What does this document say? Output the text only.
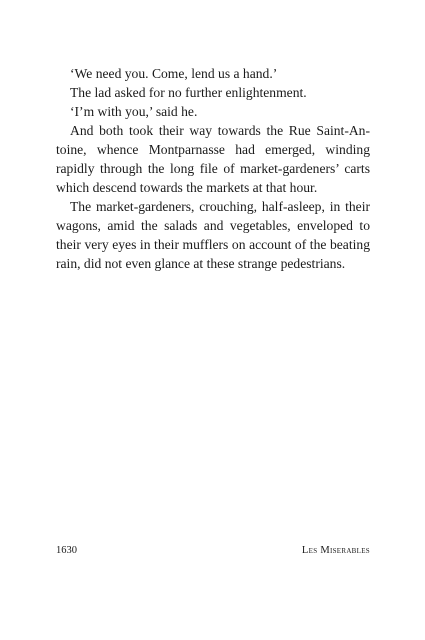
‘We need you. Come, lend us a hand.’

The lad asked for no further enlightenment.

‘I’m with you,’ said he.

And both took their way towards the Rue Saint-Antoine, whence Montparnasse had emerged, winding rapidly through the long file of market-gardeners’ carts which descend towards the markets at that hour.

The market-gardeners, crouching, half-asleep, in their wagons, amid the salads and vegetables, enveloped to their very eyes in their mufflers on account of the beating rain, did not even glance at these strange pedestrians.

1630	Les Miserables
